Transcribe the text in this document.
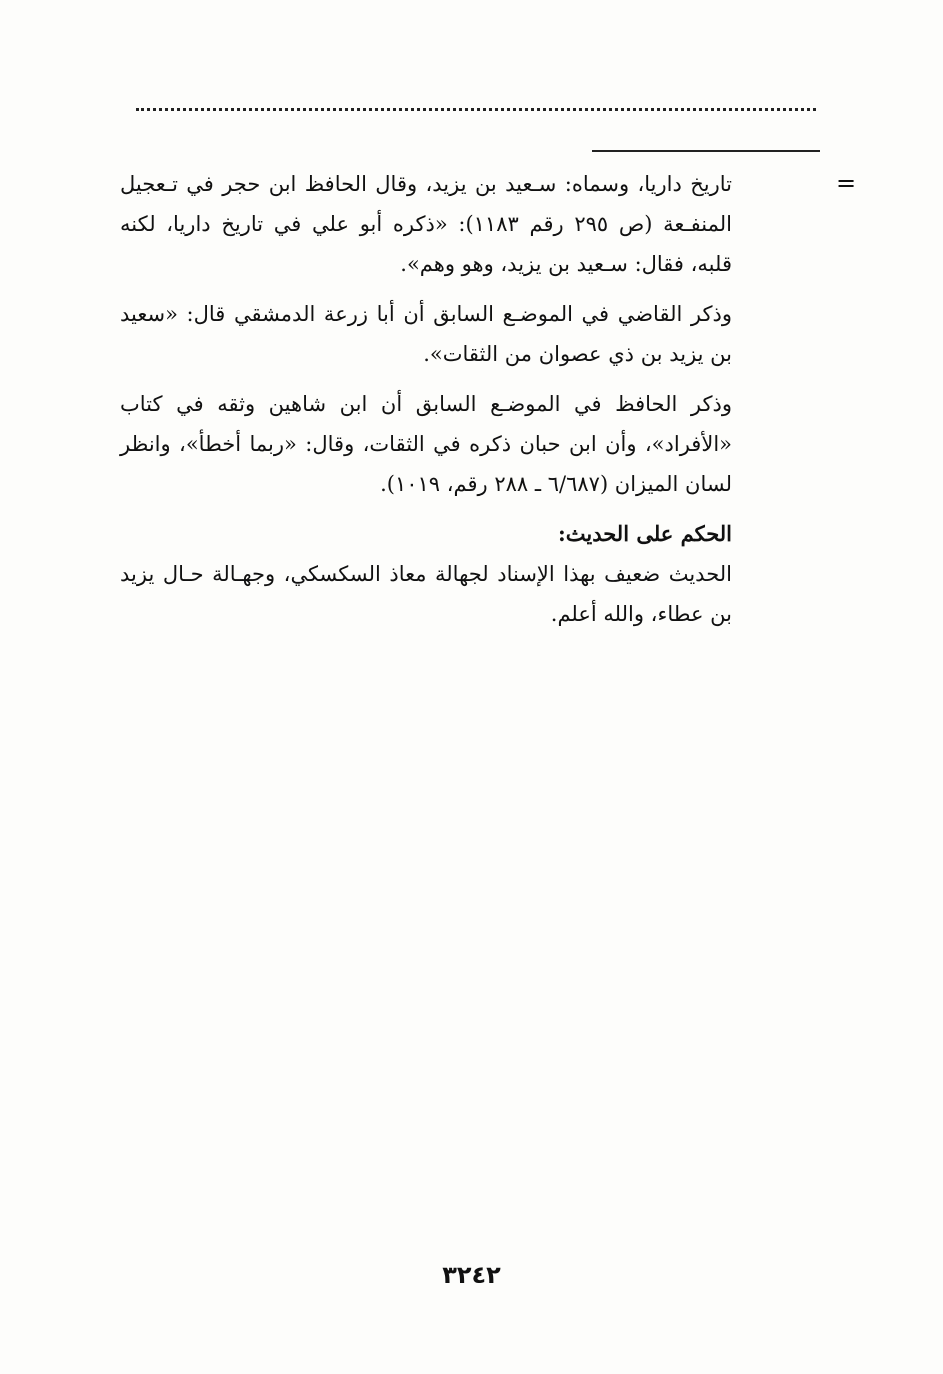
=

تاريخ داريا، وسماه: سـعيد بن يزيد، وقال الحافظ ابن حجر في تـعجيل المنفـعة (ص ٢٩٥ رقم ١١٨٣): «ذكره أبو علي في تاريخ داريا، لكنه قلبه، فقال: سـعيد بن يزيد، وهو وهم».

وذكر القاضي في الموضـع السابق أن أبا زرعة الدمشقي قال: «سعيد بن يزيد بن ذي عصوان من الثقات».

وذكر الحافظ في الموضـع السابق أن ابن شاهين وثقه في كتاب «الأفراد»، وأن ابن حبان ذكره في الثقات، وقال: «ربما أخطأ»، وانظر لسان الميزان (٦/٦٨٧ ـ ٢٨٨ رقم، ١٠١٩).

الحكم على الحديث:

الحديث ضعيف بهذا الإسناد لجهالة معاذ السكسكي، وجهـالة حـال يزيد بن عطاء، والله أعلم.

٣٢٤٢
